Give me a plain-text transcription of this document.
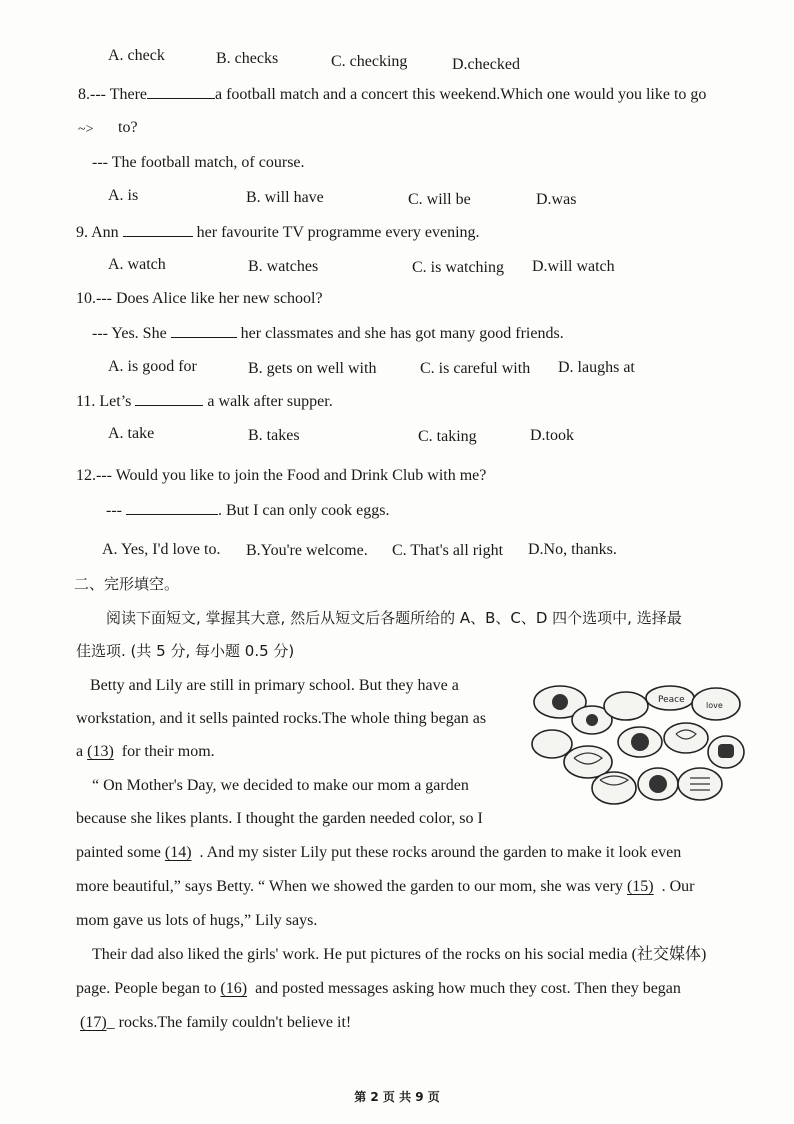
A. check	B. checks	C. checking	D.checked
8.--- There	a football match and a concert this weekend.Which one would you like to go
~> to?
--- The football match, of course.
A. is	B. will have	C. will be	D.was
9. Ann	her favourite TV programme every evening.
A. watch	B. watches	C. is watching D.will watch
10.--- Does Alice like her new school?
--- Yes. She	her classmates and she has got many good friends.
A. is good for	B. gets on well with	C. is careful with D. laughs at
11. Let’s	a walk after supper.
A. take	B. takes	C. taking	D.took
12.--- Would you like to join the Food and Drink Club with me?
---	. But I can only cook eggs.
A. Yes, I'd love to. B.You're welcome. C. That's all right D.No, thanks.
二、完形填空。
阅读下面短文, 掌握其大意, 然后从短文后各题所给的 A、B、C、D 四个选项中, 选择最
佳选项. (共 5 分, 每小题 0.5 分)
Betty and Lily are still in primary school. But they have a
workstation, and it sells painted rocks.The whole thing began as
a (13) for their mom.
“ On Mother's Day, we decided to make our mom a garden
because she likes plants. I thought the garden needed color, so I
painted some (14) . And my sister Lily put these rocks around the garden to make it look even
more beautiful,” says Betty. “ When we showed the garden to our mom, she was very (15) . Our
mom gave us lots of hugs,” Lily says.
Their dad also liked the girls' work. He put pictures of the rocks on his social media (社交媒体)
page. People began to (16) and posted messages asking how much they cost. Then they began
(17)_ rocks.The family couldn't believe it!
Peace
love
第 2 页 共 9 页
